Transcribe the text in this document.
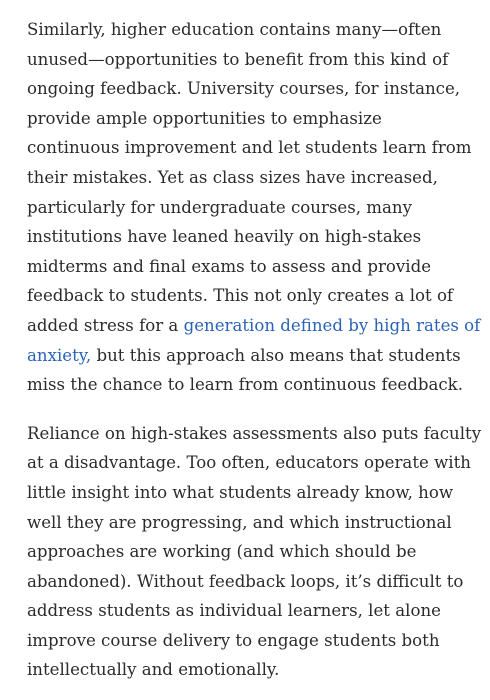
Similarly, higher education contains many—often
unused—opportunities to benefit from this kind of
ongoing feedback. University courses, for instance,
provide ample opportunities to emphasize
continuous improvement and let students learn from
their mistakes. Yet as class sizes have increased,
particularly for undergraduate courses, many
institutions have leaned heavily on high-stakes
midterms and final exams to assess and provide
feedback to students. This not only creates a lot of
added stress for a generation defined by high rates of
anxiety, but this approach also means that students
miss the chance to learn from continuous feedback.

Reliance on high-stakes assessments also puts faculty
at a disadvantage. Too often, educators operate with
little insight into what students already know, how
well they are progressing, and which instructional
approaches are working (and which should be
abandoned). Without feedback loops, it’s difficult to
address students as individual learners, let alone
improve course delivery to engage students both
intellectually and emotionally.
